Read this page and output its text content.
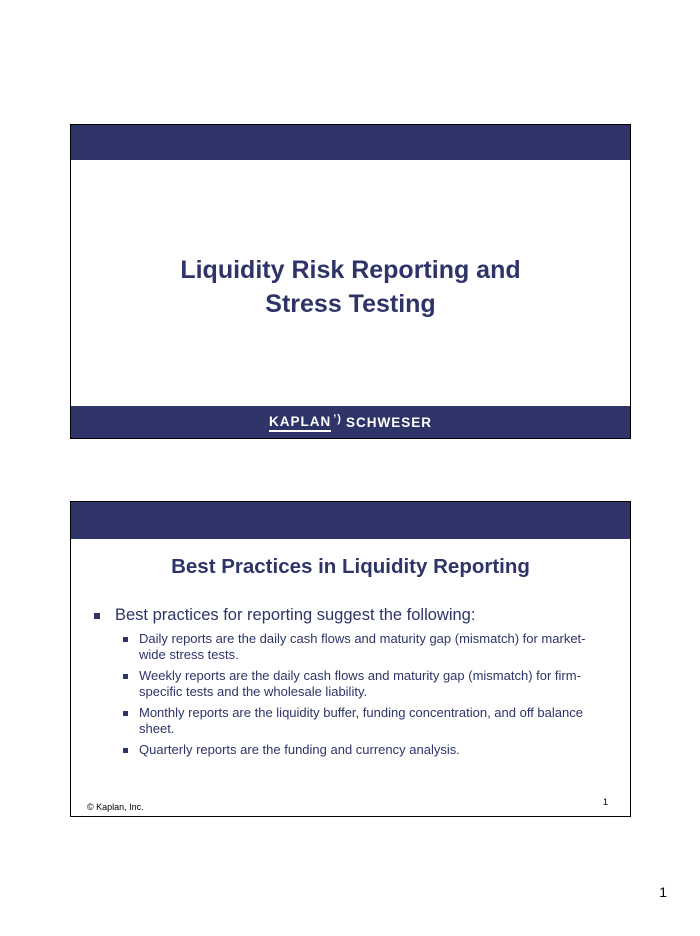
Liquidity Risk Reporting and
Stress Testing
KAPLAN ’) SCHWESER
Best Practices in Liquidity Reporting
Best practices for reporting suggest the following:
Daily reports are the daily cash flows and maturity gap (mismatch) for market-wide stress tests.
Weekly reports are the daily cash flows and maturity gap (mismatch) for firm-specific tests and the wholesale liability.
Monthly reports are the liquidity buffer, funding concentration, and off balance sheet.
Quarterly reports are the funding and currency analysis.
© Kaplan, Inc.	1
1
